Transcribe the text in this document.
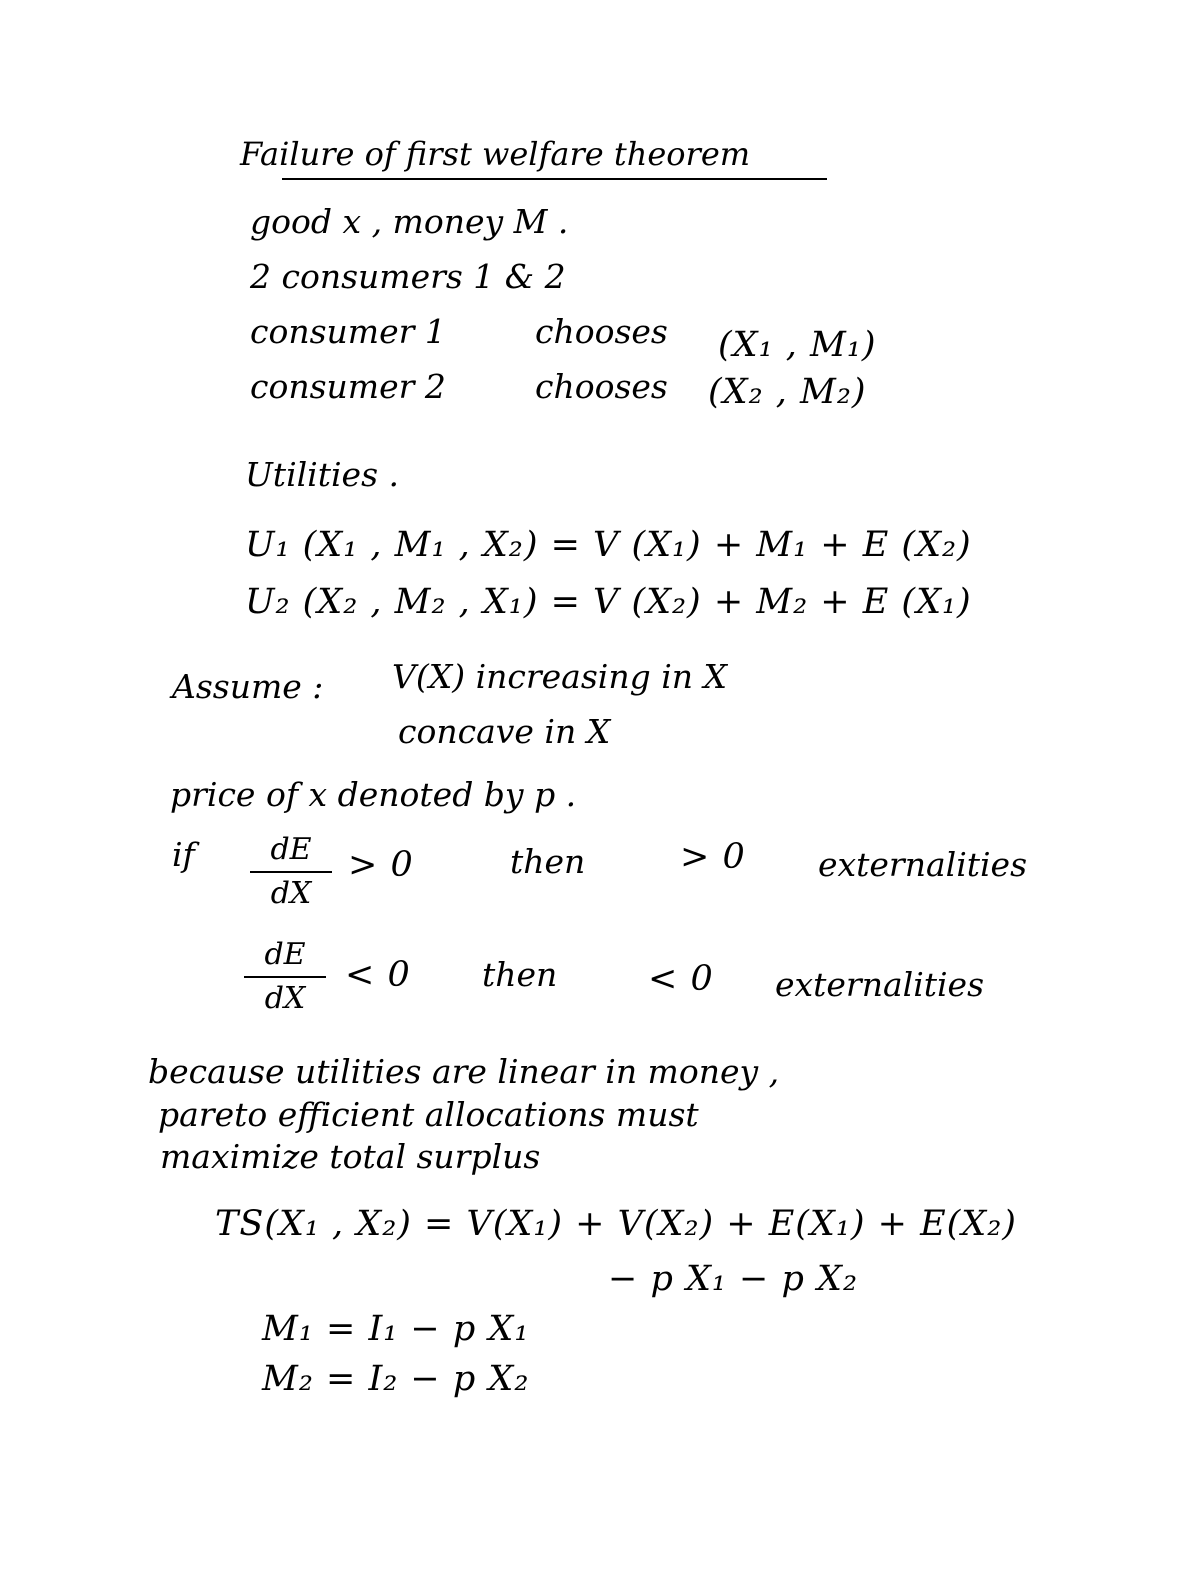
Failure of first welfare theorem
good x , money M .
2 consumers 1 & 2
consumer 1	chooses (X₁ , M₁)
consumer 2	chooses (X₂ , M₂)
Utilities .
U₁ (X₁ , M₁ , X₂) = V (X₁) + M₁ + E (X₂)
U₂ (X₂ , M₂ , X₁) = V (X₂) + M₂ + E (X₁)
Assume : V(X) increasing in X
concave in X
price of x denoted by p .
if	dE
dX
> 0	then	> 0 externalities
dE
dX
< 0 then	< 0 externalities
because utilities are linear in money ,
pareto efficient allocations must
maximize total surplus
TS(X₁ , X₂) = V(X₁) + V(X₂) + E(X₁) + E(X₂)
− p X₁ − p X₂
M₁ = I₁ − p X₁
M₂ = I₂ − p X₂
